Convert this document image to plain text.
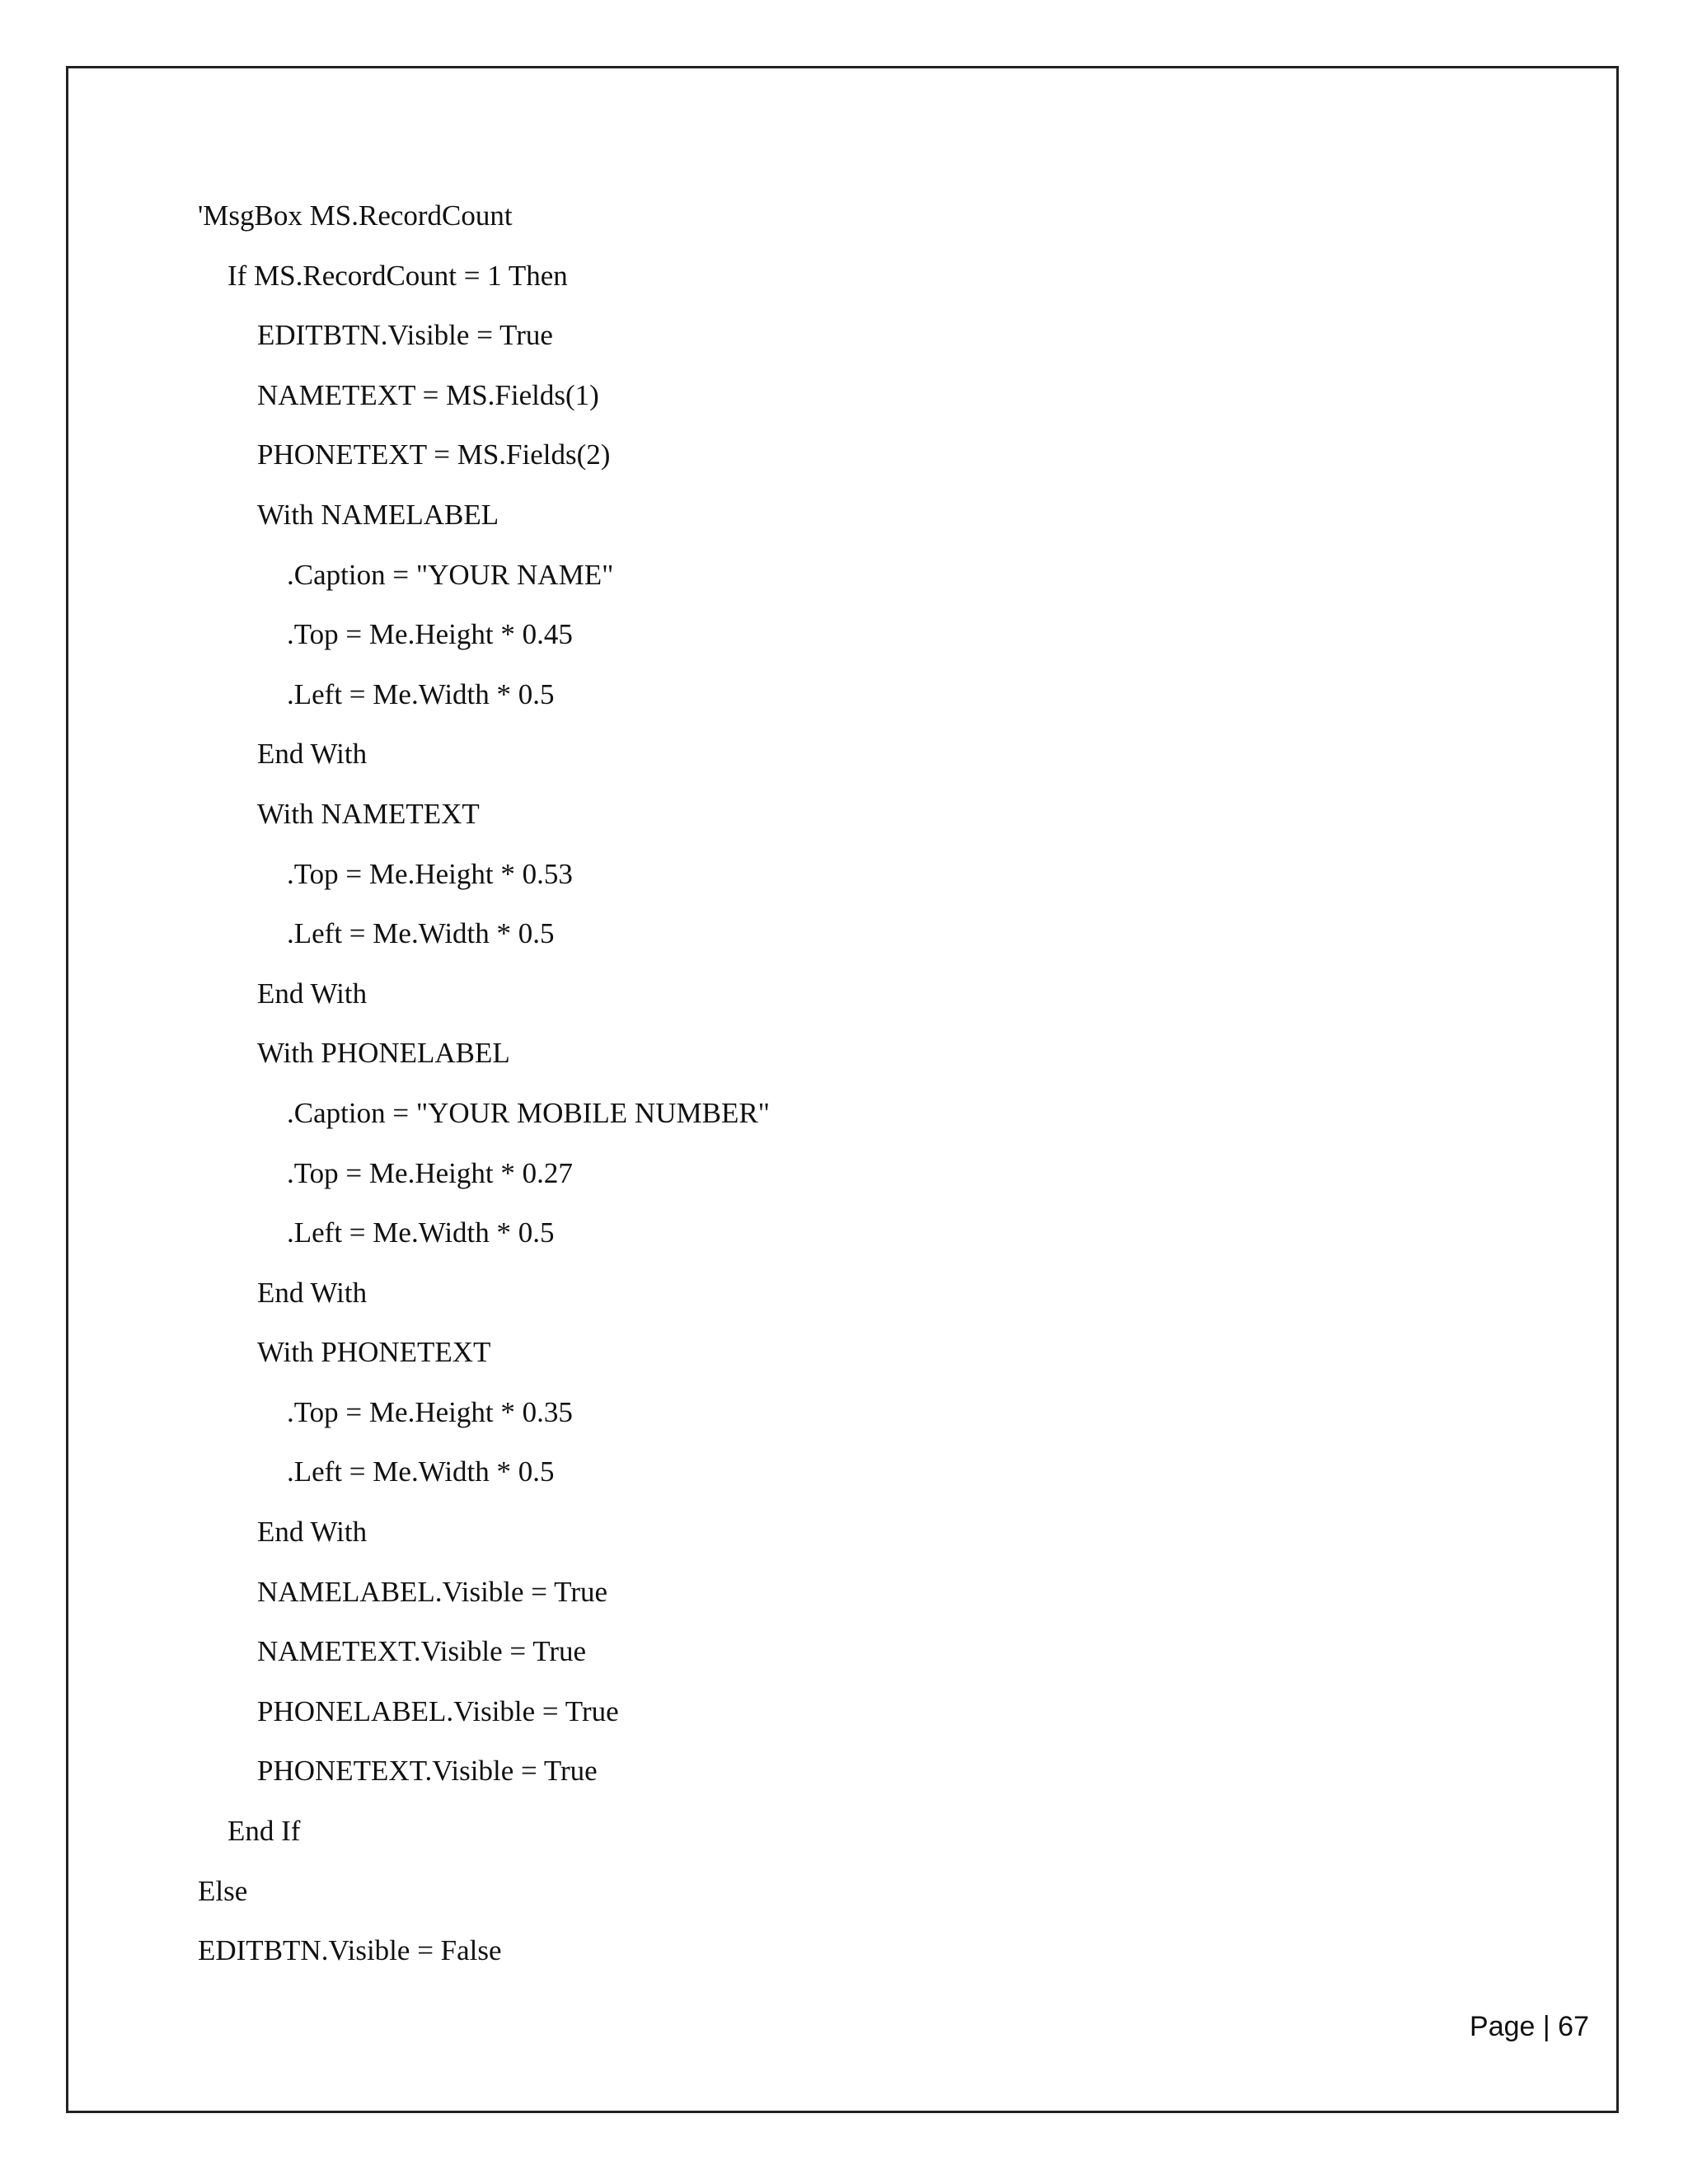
'MsgBox MS.RecordCount
If MS.RecordCount = 1 Then
EDITBTN.Visible = True
NAMETEXT = MS.Fields(1)
PHONETEXT = MS.Fields(2)
With NAMELABEL
.Caption = "YOUR NAME"
.Top = Me.Height * 0.45
.Left = Me.Width * 0.5
End With
With NAMETEXT
.Top = Me.Height * 0.53
.Left = Me.Width * 0.5
End With
With PHONELABEL
.Caption = "YOUR MOBILE NUMBER"
.Top = Me.Height * 0.27
.Left = Me.Width * 0.5
End With
With PHONETEXT
.Top = Me.Height * 0.35
.Left = Me.Width * 0.5
End With
NAMELABEL.Visible = True
NAMETEXT.Visible = True
PHONELABEL.Visible = True
PHONETEXT.Visible = True
End If
Else
EDITBTN.Visible = False
Page | 67
